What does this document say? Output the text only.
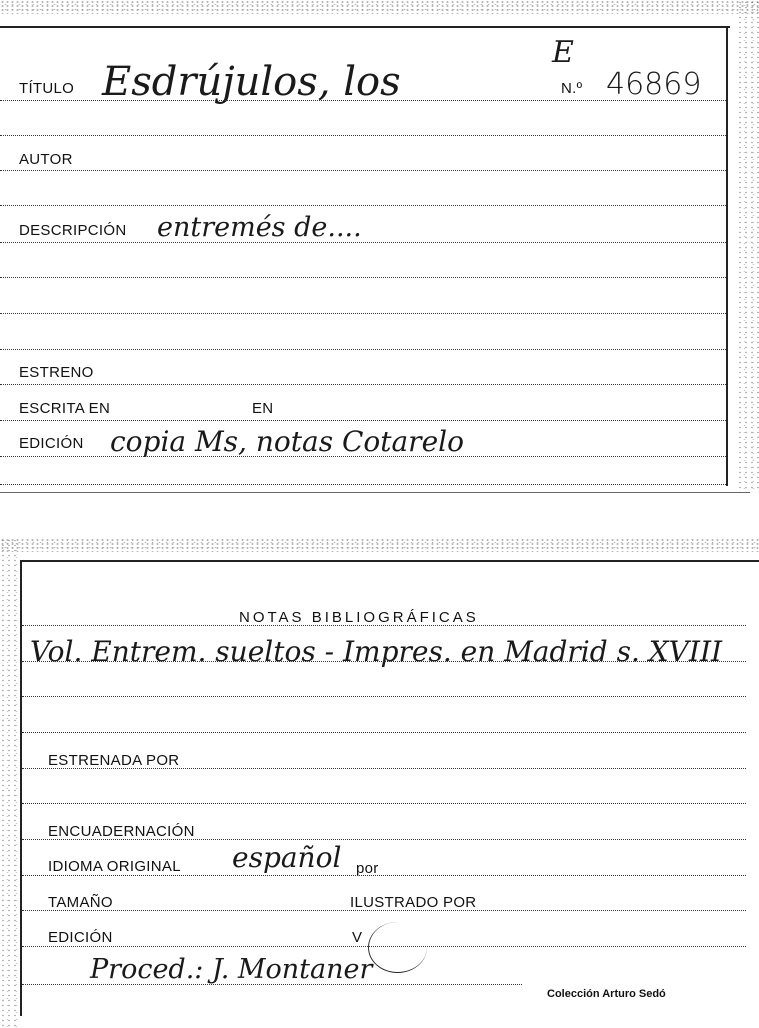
E
TÍTULO Esdrújulos, los	N.º 46869
AUTOR
DESCRIPCIÓN entremés de....
ESTRENO
ESCRITA EN	EN
EDICIÓN copia Ms, notas Cotarelo
NOTAS BIBLIOGRÁFICAS
Vol. Entrem. sueltos - Impres. en Madrid s. XVIII
ESTRENADA POR
ENCUADERNACIÓN
IDIOMA ORIGINAL español por
TAMAÑO	ILUSTRADO POR
EDICIÓN	V
Proced.: J. Montaner
Colección Arturo Sedó
